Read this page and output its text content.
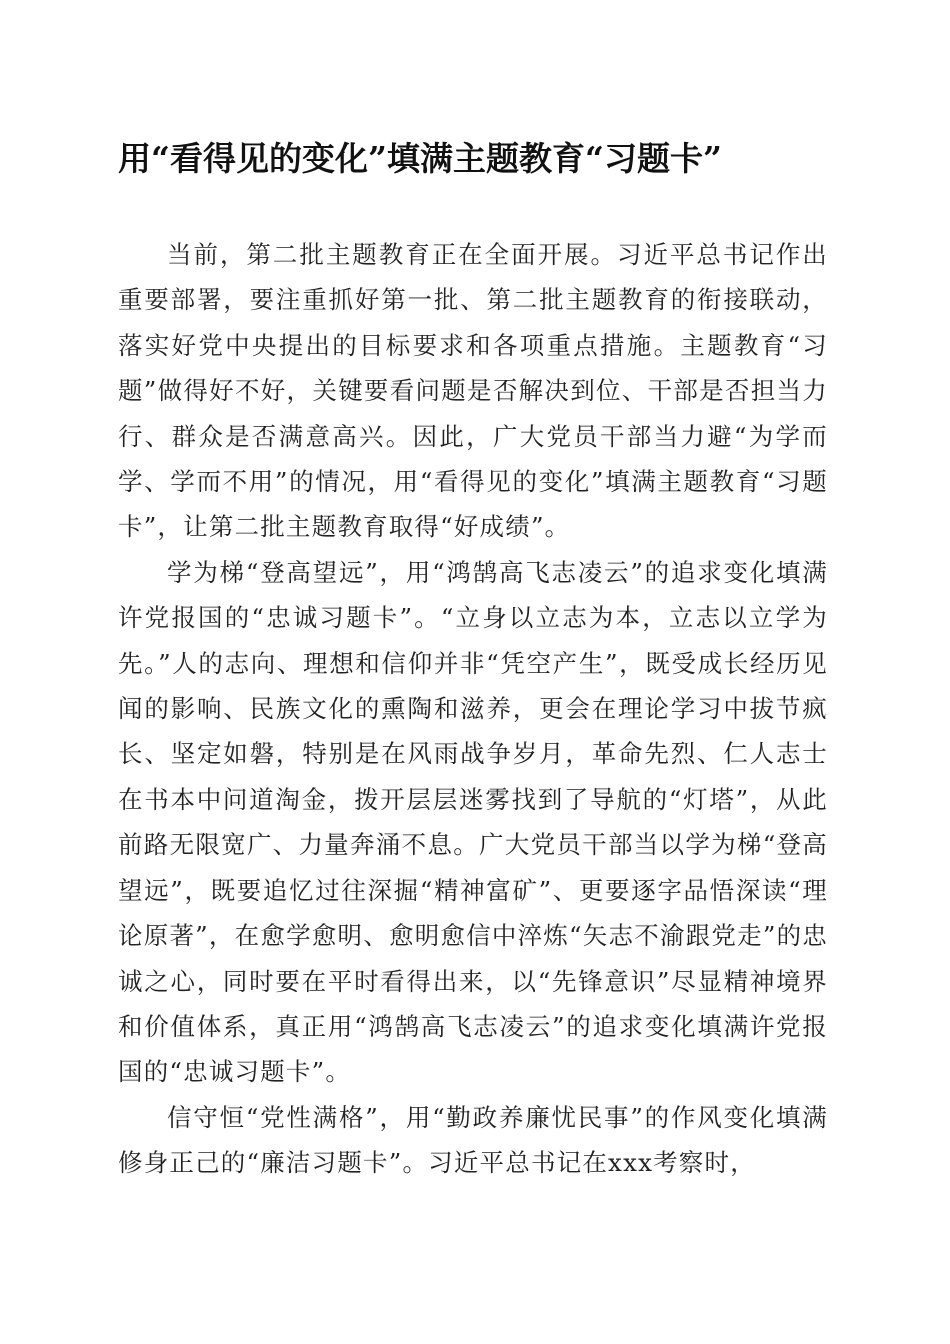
用“看得见的变化”填满主题教育“习题卡”

当前，第二批主题教育正在全面开展。习近平总书记作出重要部署，要注重抓好第一批、第二批主题教育的衔接联动，落实好党中央提出的目标要求和各项重点措施。主题教育“习题”做得好不好，关键要看问题是否解决到位、干部是否担当力行、群众是否满意高兴。因此，广大党员干部当力避“为学而学、学而不用”的情况，用“看得见的变化”填满主题教育“习题卡”，让第二批主题教育取得“好成绩”。

学为梯“登高望远”，用“鸿鹄高飞志凌云”的追求变化填满许党报国的“忠诚习题卡”。“立身以立志为本，立志以立学为先。”人的志向、理想和信仰并非“凭空产生”，既受成长经历见闻的影响、民族文化的熏陶和滋养，更会在理论学习中拔节疯长、坚定如磐，特别是在风雨战争岁月，革命先烈、仁人志士在书本中问道淘金，拨开层层迷雾找到了导航的“灯塔”，从此前路无限宽广、力量奔涌不息。广大党员干部当以学为梯“登高望远”，既要追忆过往深掘“精神富矿”、更要逐字品悟深读“理论原著”，在愈学愈明、愈明愈信中淬炼“矢志不渝跟党走”的忠诚之心，同时要在平时看得出来，以“先锋意识”尽显精神境界和价值体系，真正用“鸿鹄高飞志凌云”的追求变化填满许党报国的“忠诚习题卡”。

信守恒“党性满格”，用“勤政养廉忧民事”的作风变化填满修身正己的“廉洁习题卡”。习近平总书记在xxx考察时，
